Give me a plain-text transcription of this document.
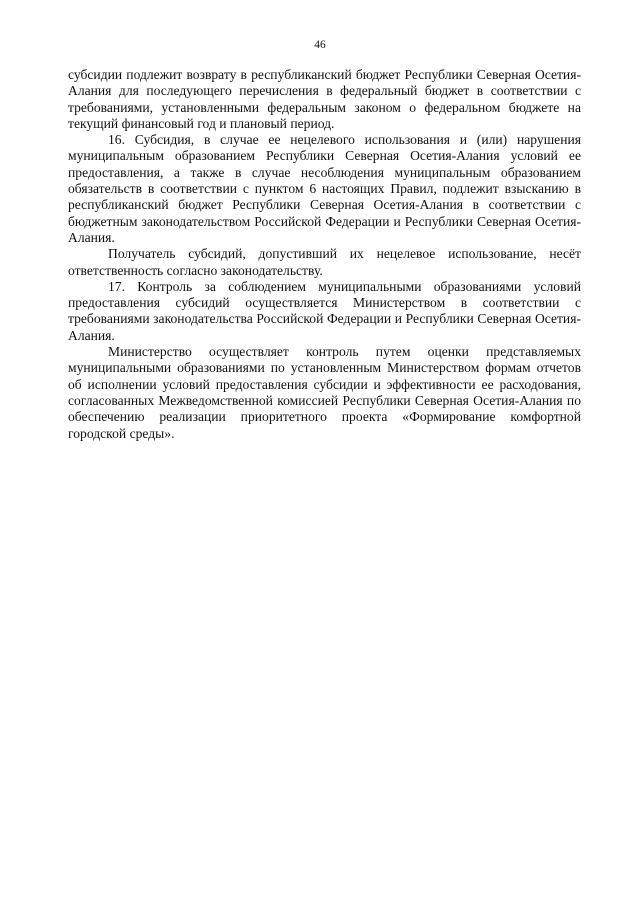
46

субсидии подлежит возврату в республиканский бюджет Республики Северная Осетия-Алания для последующего перечисления в федеральный бюджет в соответствии с требованиями, установленными федеральным законом о федеральном бюджете на текущий финансовый год и плановый период.

16. Субсидия, в случае ее нецелевого использования и (или) нарушения муниципальным образованием Республики Северная Осетия-Алания условий ее предоставления, а также в случае несоблюдения муниципальным образованием обязательств в соответствии с пунктом 6 настоящих Правил, подлежит взысканию в республиканский бюджет Республики Северная Осетия-Алания в соответствии с бюджетным законодательством Российской Федерации и Республики Северная Осетия-Алания.

Получатель субсидий, допустивший их нецелевое использование, несёт ответственность согласно законодательству.

17. Контроль за соблюдением муниципальными образованиями условий предоставления субсидий осуществляется Министерством в соответствии с требованиями законодательства Российской Федерации и Республики Северная Осетия-Алания.

Министерство осуществляет контроль путем оценки представляемых муниципальными образованиями по установленным Министерством формам отчетов об исполнении условий предоставления субсидии и эффективности ее расходования, согласованных Межведомственной комиссией Республики Северная Осетия-Алания по обеспечению реализации приоритетного проекта «Формирование комфортной городской среды».
